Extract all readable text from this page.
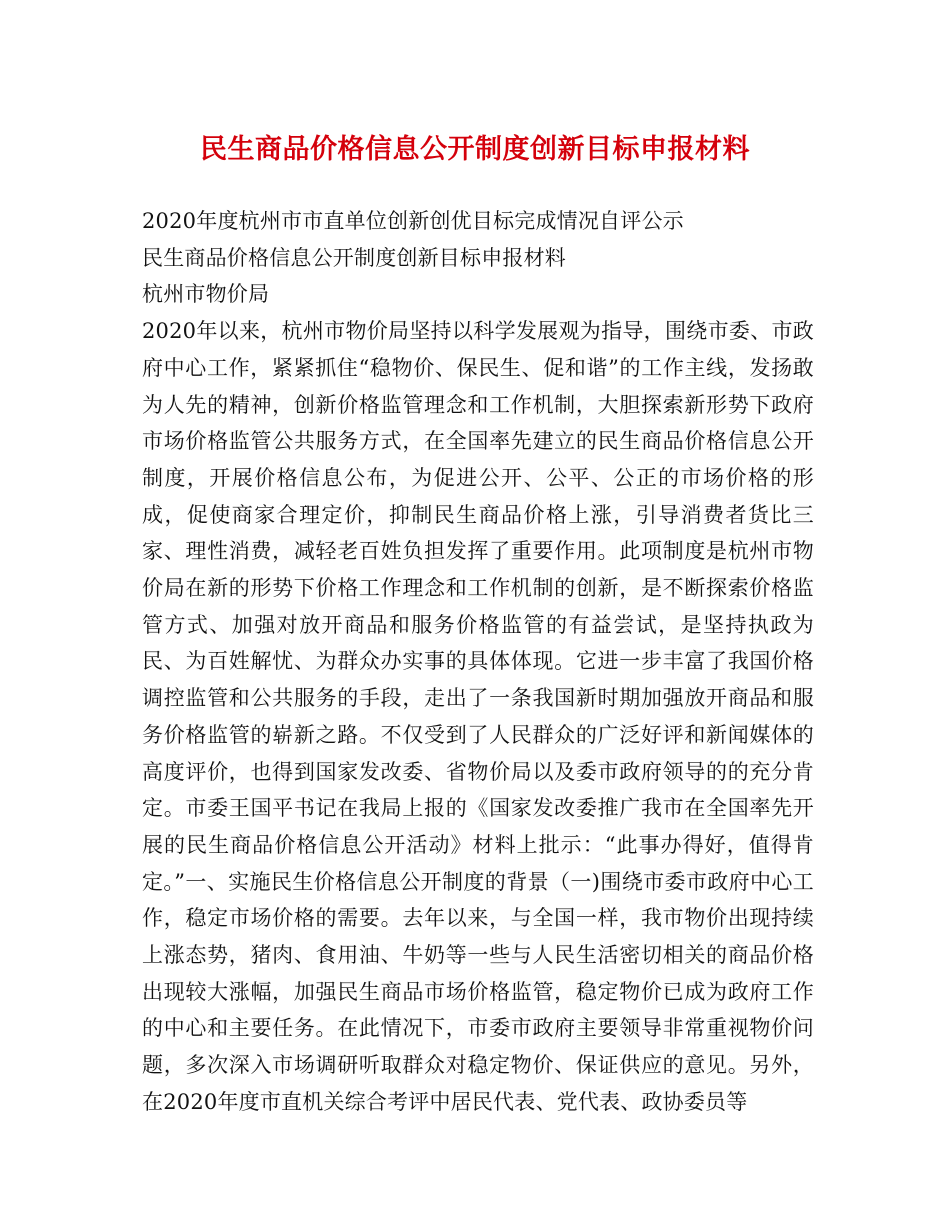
民生商品价格信息公开制度创新目标申报材料

2020年度杭州市市直单位创新创优目标完成情况自评公示

民生商品价格信息公开制度创新目标申报材料

杭州市物价局

2020年以来，杭州市物价局坚持以科学发展观为指导，围绕市委、市政府中心工作，紧紧抓住“稳物价、保民生、促和谐”的工作主线，发扬敢为人先的精神，创新价格监管理念和工作机制，大胆探索新形势下政府市场价格监管公共服务方式，在全国率先建立的民生商品价格信息公开制度，开展价格信息公布，为促进公开、公平、公正的市场价格的形成，促使商家合理定价，抑制民生商品价格上涨，引导消费者货比三家、理性消费，减轻老百姓负担发挥了重要作用。此项制度是杭州市物价局在新的形势下价格工作理念和工作机制的创新，是不断探索价格监管方式、加强对放开商品和服务价格监管的有益尝试，是坚持执政为民、为百姓解忧、为群众办实事的具体体现。它进一步丰富了我国价格调控监管和公共服务的手段，走出了一条我国新时期加强放开商品和服务价格监管的崭新之路。不仅受到了人民群众的广泛好评和新闻媒体的高度评价，也得到国家发改委、省物价局以及委市政府领导的的充分肯定。市委王国平书记在我局上报的《国家发改委推广我市在全国率先开展的民生商品价格信息公开活动》材料上批示：“此事办得好，值得肯定。”一、实施民生价格信息公开制度的背景（一)围绕市委市政府中心工作，稳定市场价格的需要。去年以来，与全国一样，我市物价出现持续上涨态势，猪肉、食用油、牛奶等一些与人民生活密切相关的商品价格出现较大涨幅，加强民生商品市场价格监管，稳定物价已成为政府工作的中心和主要任务。在此情况下，市委市政府主要领导非常重视物价问题，多次深入市场调研听取群众对稳定物价、保证供应的意见。另外，在2020年度市直机关综合考评中居民代表、党代表、政协委员等
